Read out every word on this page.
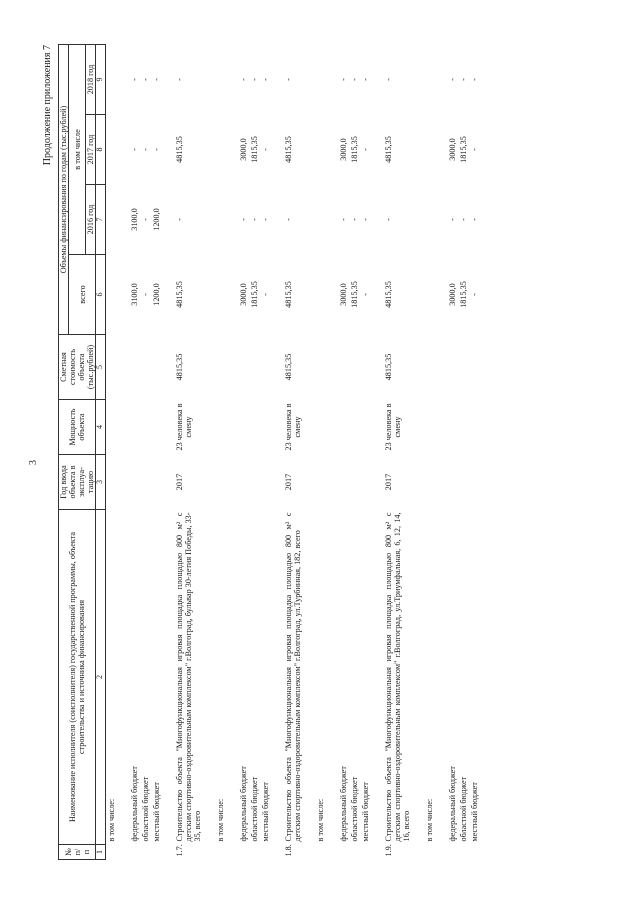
3
Продолжение приложения 7
№ п/п	Наименование исполнителя (соисполнителя) государственной программы, объекта строительства и источника финансирования	Год ввода объекта в эксплуа-тацию	Мощность объекта	Сметная стоимость объекта (тыс.рублей)	Объемы финансирования по годам (тыс.рублей)			
					всего	в том числе		
						2016 год	2017 год	2018 год
1	2	3	4	5	6	7	8	9
	в том числе:							

	федеральный бюджет				3100,0	3100,0	-	-
	областной бюджет				-	-	-	-
	местный бюджет				1200,0	1200,0	-	-

1.7.	Строительство объекта "Многофункциональная игровая площадка площадью 800 м² с детским спортивно-оздоровительным комплексом" г.Волгоград, бульвар 30-летия Победы, 33-35, всего	2017	23 человека в смену	4815,35	4815,35	-	4815,35	-

	в том числе:							

	федеральный бюджет				3000,0	-	3000,0	-
	областной бюджет				1815,35	-	1815,35	-
	местный бюджет				-	-	-	-

1.8.	Строительство объекта "Многофункциональная игровая площадка площадью 800 м² с детским спортивно-оздоровительным комплексом" г.Волгоград, ул.Турбинная, 182, всего	2017	23 человека в смену	4815,35	4815,35	-	4815,35	-

	в том числе:							

	федеральный бюджет				3000,0	-	3000,0	-
	областной бюджет				1815,35	-	1815,35	-
	местный бюджет				-	-	-	-

1.9.	Строительство объекта "Многофункциональная игровая площадка площадью 800 м² с детским спортивно-оздоровительным комплексом" г.Волгоград, ул.Триумфальная, 6, 12, 14, 16, всего	2017	23 человека в смену	4815,35	4815,35	-	4815,35	-

	в том числе:							

	федеральный бюджет				3000,0	-	3000,0	-
	областной бюджет				1815,35	-	1815,35	-
	местный бюджет				-	-	-	-
